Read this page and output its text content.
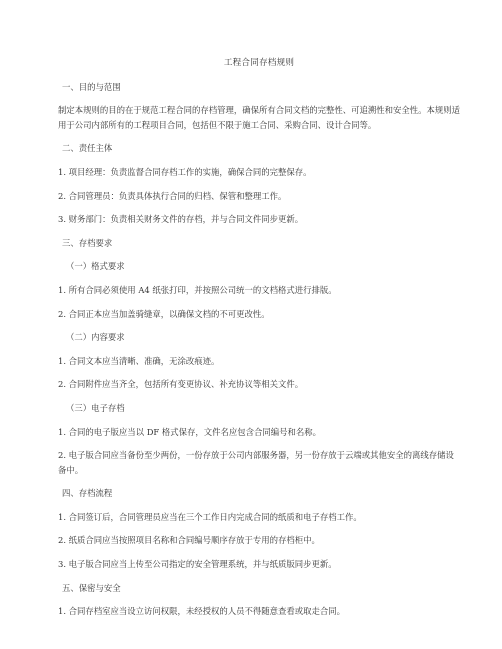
工程合同存档规则
一、目的与范围
制定本规则的目的在于规范工程合同的存档管理，确保所有合同文档的完整性、可追溯性和安全性。本规则适用于公司内部所有的工程项目合同，包括但不限于施工合同、采购合同、设计合同等。
二、责任主体
1. 项目经理：负责监督合同存档工作的实施，确保合同的完整保存。
2. 合同管理员：负责具体执行合同的归档、保管和整理工作。
3. 财务部门：负责相关财务文件的存档，并与合同文件同步更新。
三、存档要求
（一）格式要求
1. 所有合同必须使用 A4 纸张打印，并按照公司统一的文档格式进行排版。
2. 合同正本应当加盖骑缝章，以确保文档的不可更改性。
（二）内容要求
1. 合同文本应当清晰、准确，无涂改痕迹。
2. 合同附件应当齐全，包括所有变更协议、补充协议等相关文件。
（三）电子存档
1. 合同的电子版应当以 DF 格式保存，文件名应包含合同编号和名称。
2. 电子版合同应当备份至少两份，一份存放于公司内部服务器，另一份存放于云端或其他安全的离线存储设备中。
四、存档流程
1. 合同签订后，合同管理员应当在三个工作日内完成合同的纸质和电子存档工作。
2. 纸质合同应当按照项目名称和合同编号顺序存放于专用的存档柜中。
3. 电子版合同应当上传至公司指定的安全管理系统，并与纸质版同步更新。
五、保密与安全
1. 合同存档室应当设立访问权限，未经授权的人员不得随意查看或取走合同。
